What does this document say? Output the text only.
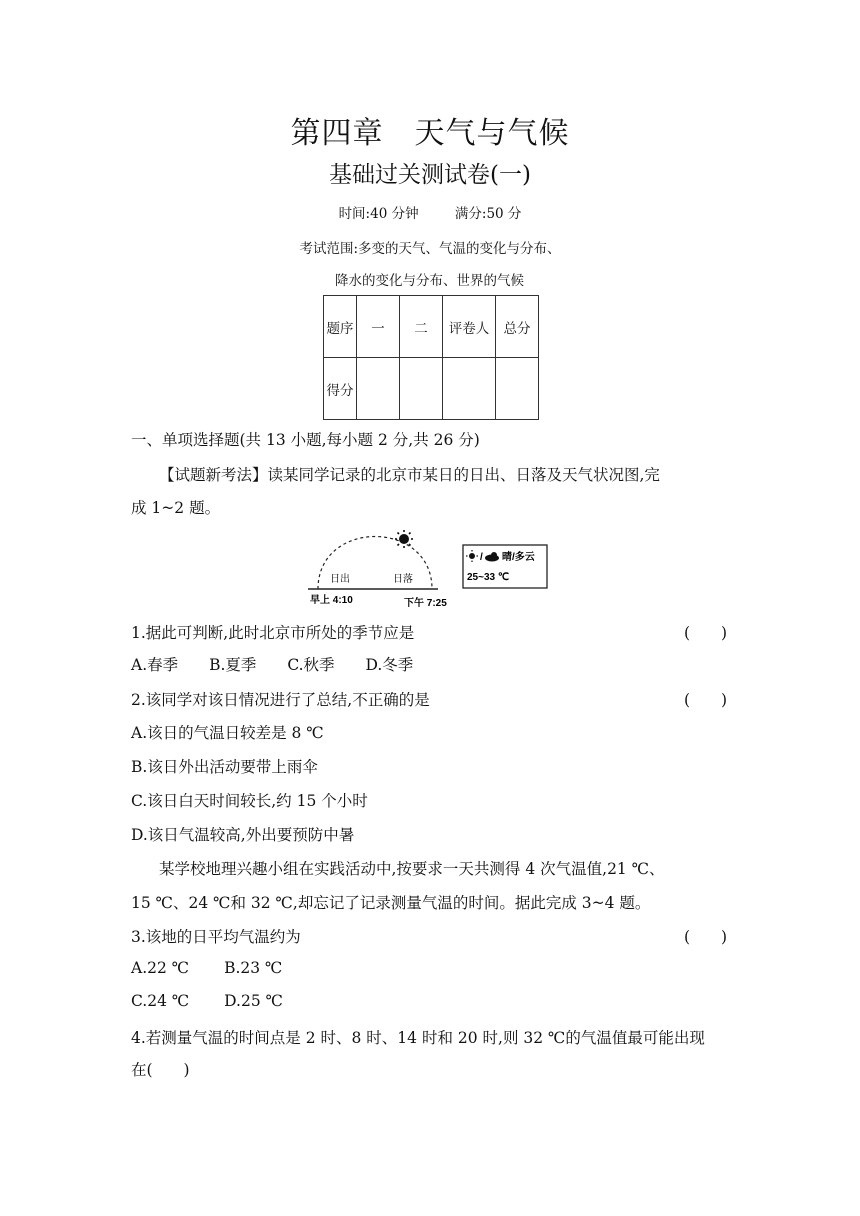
第四章　天气与气候
基础过关测试卷(一)
时间:40 分钟	满分:50 分
考试范围:多变的天气、气温的变化与分布、
降水的变化与分布、世界的气候
题序	一	二	评卷人	总分
得分				
一、单项选择题(共 13 小题,每小题 2 分,共 26 分)
【试题新考法】读某同学记录的北京市某日的日出、日落及天气状况图,完
成 1~2 题。
日出	日落
早上 4:10	下午 7:25
/ 晴/多云
25~33 ℃
1.据此可判断,此时北京市所处的季节应是	(　　)
A.春季 B.夏季 C.秋季 D.冬季
2.该同学对该日情况进行了总结,不正确的是	(　　)
A.该日的气温日较差是 8 ℃
B.该日外出活动要带上雨伞
C.该日白天时间较长,约 15 个小时
D.该日气温较高,外出要预防中暑
某学校地理兴趣小组在实践活动中,按要求一天共测得 4 次气温值,21 ℃、
15 ℃、24 ℃和 32 ℃,却忘记了记录测量气温的时间。据此完成 3~4 题。
3.该地的日平均气温约为	(　　)
A.22 ℃ B.23 ℃
C.24 ℃ D.25 ℃
4.若测量气温的时间点是 2 时、8 时、14 时和 20 时,则 32 ℃的气温值最可能出现
在(　　)
